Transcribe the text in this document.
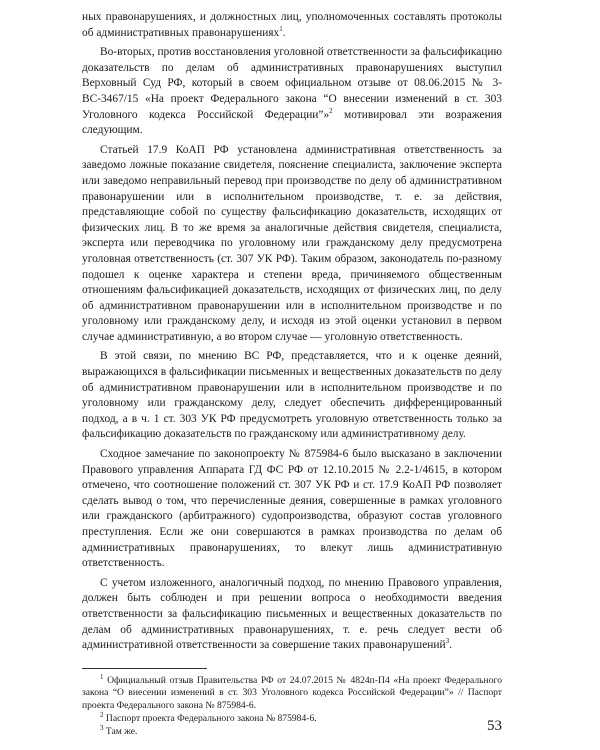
ных правонарушениях, и должностных лиц, уполномоченных составлять протоколы об административных правонарушениях$^1$.

Во-вторых, против восстановления уголовной ответственности за фальсификацию доказательств по делам об административных правонарушениях выступил Верховный Суд РФ, который в своем официальном отзыве от 08.06.2015 № 3-ВС-3467/15 «На проект Федерального закона “О внесении изменений в ст. 303 Уголовного кодекса Российской Федерации”»$^2$ мотивировал эти возражения следующим.

Статьей 17.9 КоАП РФ установлена административная ответственность за заведомо ложные показание свидетеля, пояснение специалиста, заключение эксперта или заведомо неправильный перевод при производстве по делу об административном правонарушении или в исполнительном производстве, т. е. за действия, представляющие собой по существу фальсификацию доказательств, исходящих от физических лиц. В то же время за аналогичные действия свидетеля, специалиста, эксперта или переводчика по уголовному или гражданскому делу предусмотрена уголовная ответственность (ст. 307 УК РФ). Таким образом, законодатель по-разному подошел к оценке характера и степени вреда, причиняемого общественным отношениям фальсификацией доказательств, исходящих от физических лиц, по делу об административном правонарушении или в исполнительном производстве и по уголовному или гражданскому делу, и исходя из этой оценки установил в первом случае административную, а во втором случае — уголовную ответственность.

В этой связи, по мнению ВС РФ, представляется, что и к оценке деяний, выражающихся в фальсификации письменных и вещественных доказательств по делу об административном правонарушении или в исполнительном производстве и по уголовному или гражданскому делу, следует обеспечить дифференцированный подход, а в ч. 1 ст. 303 УК РФ предусмотреть уголовную ответственность только за фальсификацию доказательств по гражданскому или административному делу.

Сходное замечание по законопроекту № 875984-6 было высказано в заключении Правового управления Аппарата ГД ФС РФ от 12.10.2015 № 2.2-1/4615, в котором отмечено, что соотношение положений ст. 307 УК РФ и ст. 17.9 КоАП РФ позволяет сделать вывод о том, что перечисленные деяния, совершенные в рамках уголовного или гражданского (арбитражного) судопроизводства, образуют состав уголовного преступления. Если же они совершаются в рамках производства по делам об административных правонарушениях, то влекут лишь административную ответственность.

С учетом изложенного, аналогичный подход, по мнению Правового управления, должен быть соблюден и при решении вопроса о необходимости введения ответственности за фальсификацию письменных и вещественных доказательств по делам об административных правонарушениях, т. е. речь следует вести об административной ответственности за совершение таких правонарушений$^3$.

$^1$ Официальный отзыв Правительства РФ от 24.07.2015 № 4824п-П4 «На проект Федерального закона “О внесении изменений в ст. 303 Уголовного кодекса Российской Федерации”» // Паспорт проекта Федерального закона № 875984-6.

$^2$ Паспорт проекта Федерального закона № 875984-6.

$^3$ Там же.	53
